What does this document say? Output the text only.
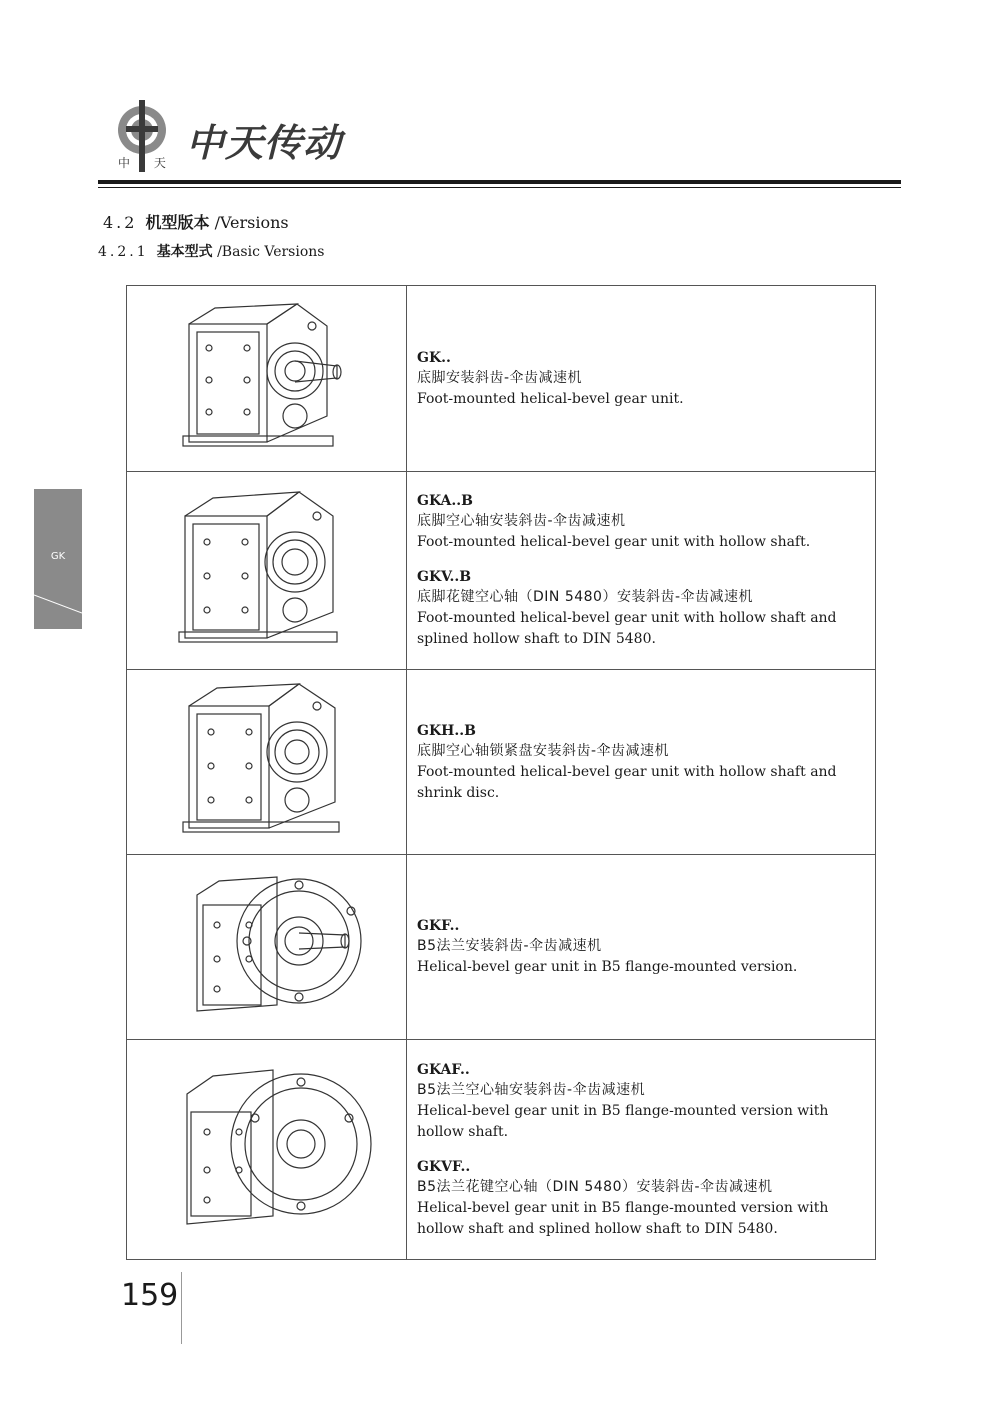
中天传动
中 天
4.2 机型版本 /Versions
4.2.1 基本型式 /Basic Versions
GK
GK..
底脚安装斜齿-伞齿减速机
Foot-mounted helical-bevel gear unit.
GKA..B
底脚空心轴安装斜齿-伞齿减速机
Foot-mounted helical-bevel gear unit with hollow shaft.
GKV..B
底脚花键空心轴（DIN 5480）安装斜齿-伞齿减速机
Foot-mounted helical-bevel gear unit with hollow shaft and splined hollow shaft to DIN 5480.
GKH..B
底脚空心轴锁紧盘安装斜齿-伞齿减速机
Foot-mounted helical-bevel gear unit with hollow shaft and shrink disc.
GKF..
B5法兰安装斜齿-伞齿减速机
Helical-bevel gear unit in B5 flange-mounted version.
GKAF..
B5法兰空心轴安装斜齿-伞齿减速机
Helical-bevel gear unit in B5 flange-mounted version with hollow shaft.
GKVF..
B5法兰花键空心轴（DIN 5480）安装斜齿-伞齿减速机
Helical-bevel gear unit in B5 flange-mounted version with hollow shaft and splined hollow shaft to DIN 5480.
159
